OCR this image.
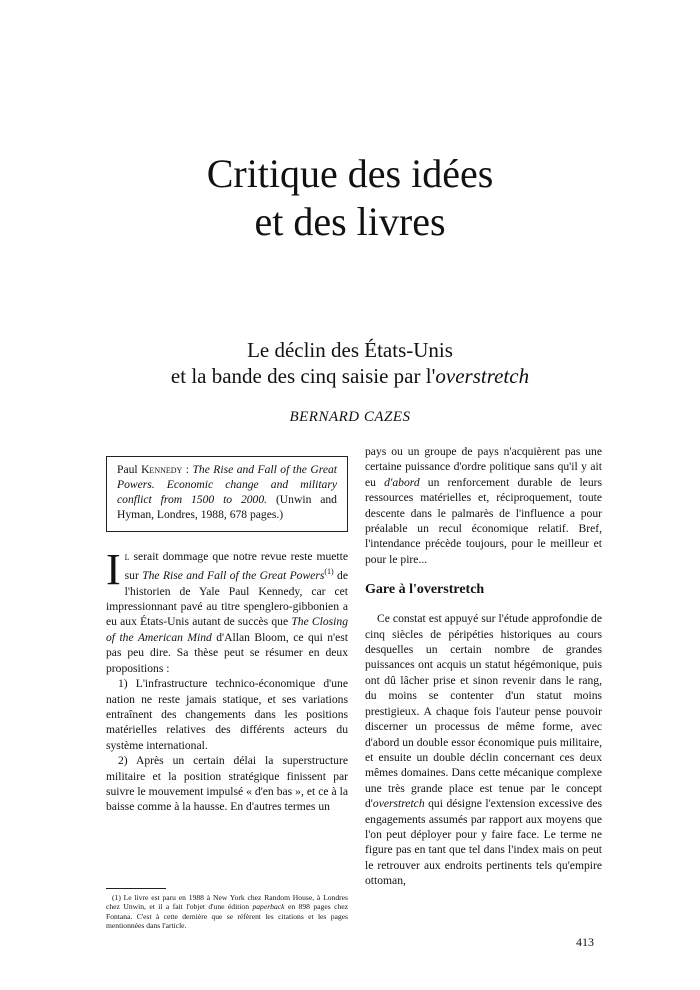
Critique des idées
et des livres
Le déclin des États-Unis
et la bande des cinq saisie par l'overstretch
BERNARD CAZES

Paul Kennedy : The Rise and Fall of the Great Powers. Economic change and military conflict from 1500 to 2000. (Unwin and Hyman, Londres, 1988, 678 pages.)

Il serait dommage que notre revue reste muette sur The Rise and Fall of the Great Powers$^{(1)}$ de l'historien de Yale Paul Kennedy, car cet impressionnant pavé au titre spenglero-gibbonien a eu aux États-Unis autant de succès que The Closing of the American Mind d'Allan Bloom, ce qui n'est pas peu dire. Sa thèse peut se résumer en deux propositions :

1) L'infrastructure technico-économique d'une nation ne reste jamais statique, et ses variations entraînent des changements dans les positions matérielles relatives des différents acteurs du système international.

2) Après un certain délai la superstructure militaire et la position stratégique finissent par suivre le mouvement impulsé « d'en bas », et ce à la baisse comme à la hausse. En d'autres termes un

pays ou un groupe de pays n'acquièrent pas une certaine puissance d'ordre politique sans qu'il y ait eu d'abord un renforcement durable de leurs ressources matérielles et, réciproquement, toute descente dans le palmarès de l'influence a pour préalable un recul économique relatif. Bref, l'intendance précède toujours, pour le meilleur et pour le pire...

Gare à l'overstretch

Ce constat est appuyé sur l'étude approfondie de cinq siècles de péripéties historiques au cours desquelles un certain nombre de grandes puissances ont acquis un statut hégémonique, puis ont dû lâcher prise et sinon revenir dans le rang, du moins se contenter d'un statut moins prestigieux. A chaque fois l'auteur pense pouvoir discerner un processus de même forme, avec d'abord un double essor économique puis militaire, et ensuite un double déclin concernant ces deux mêmes domaines. Dans cette mécanique complexe une très grande place est tenue par le concept d'overstretch qui désigne l'extension excessive des engagements assumés par rapport aux moyens que l'on peut déployer pour y faire face. Le terme ne figure pas en tant que tel dans l'index mais on peut le retrouver aux endroits pertinents tels qu'empire ottoman,

(1) Le livre est paru en 1988 à New York chez Random House, à Londres chez Unwin, et il a fait l'objet d'une édition paperback en 898 pages chez Fontana. C'est à cette dernière que se réfèrent les citations et les pages mentionnées dans l'article.

413
